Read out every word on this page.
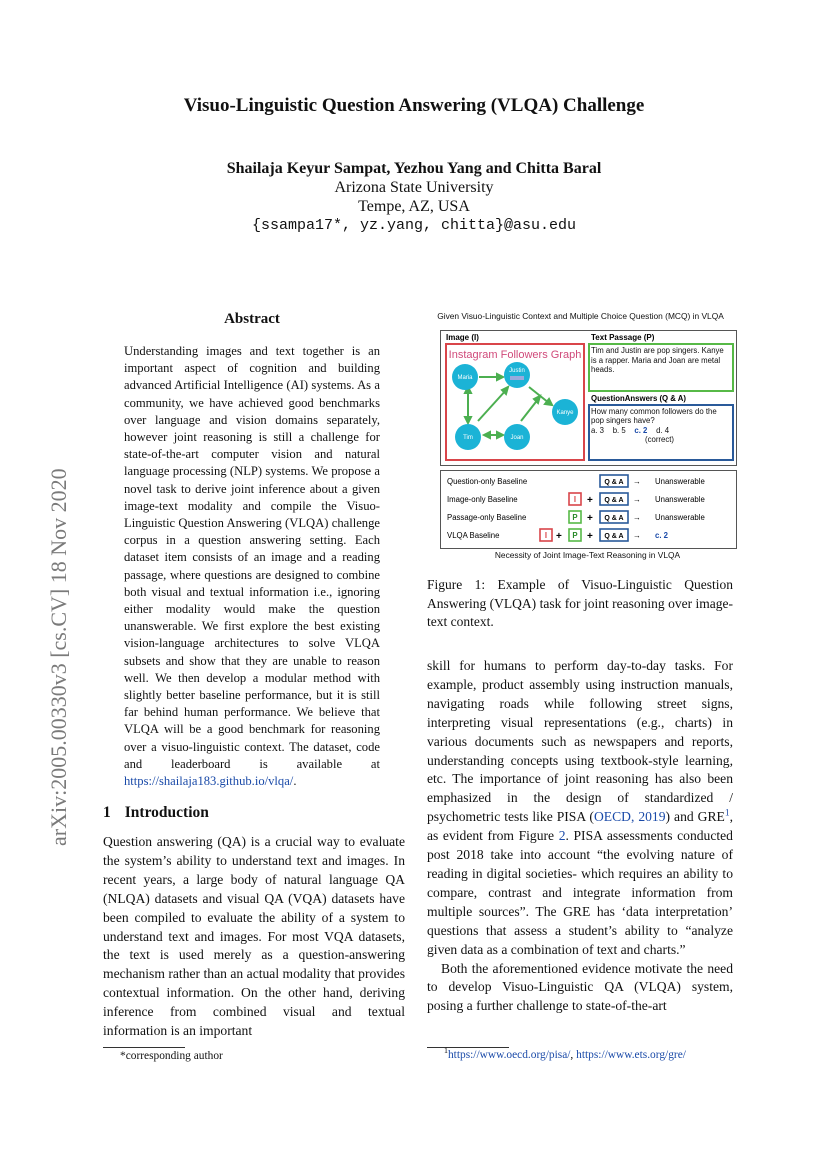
Visuo-Linguistic Question Answering (VLQA) Challenge
Shailaja Keyur Sampat, Yezhou Yang and Chitta Baral
Arizona State University
Tempe, AZ, USA
{ssampa17*, yz.yang, chitta}@asu.edu
arXiv:2005.00330v3 [cs.CV] 18 Nov 2020
Abstract
Understanding images and text together is an important aspect of cognition and building advanced Artificial Intelligence (AI) systems. As a community, we have achieved good benchmarks over language and vision domains separately, however joint reasoning is still a challenge for state-of-the-art computer vision and natural language processing (NLP) systems. We propose a novel task to derive joint inference about a given image-text modality and compile the Visuo-Linguistic Question Answering (VLQA) challenge corpus in a question answering setting. Each dataset item consists of an image and a reading passage, where questions are designed to combine both visual and textual information i.e., ignoring either modality would make the question unanswerable. We first explore the best existing vision-language architectures to solve VLQA subsets and show that they are unable to reason well. We then develop a modular method with slightly better baseline performance, but it is still far behind human performance. We believe that VLQA will be a good benchmark for reasoning over a visuo-linguistic context. The dataset, code and leaderboard is available at https://shailaja183.github.io/vlqa/.
1 Introduction
Question answering (QA) is a crucial way to evaluate the system’s ability to understand text and images. In recent years, a large body of natural language QA (NLQA) datasets and visual QA (VQA) datasets have been compiled to evaluate the ability of a system to understand text and images. For most VQA datasets, the text is used merely as a question-answering mechanism rather than an actual modality that provides contextual information. On the other hand, deriving inference from combined visual and textual information is an important
*corresponding author
Given Visuo-Linguistic Context and Multiple Choice Question (MCQ) in VLQA
Image (I)	Text Passage (P)
Instagram Followers Graph
Maria
Justin
Kanye
Tim	Joan
Tim and Justin are pop singers. Kanye is a rapper. Maria and Joan are metal heads.
QuestionAnswers (Q & A)
How many common followers do the pop singers have?
a. 3 b. 5 c. 2 d. 4
(correct)
Question-only Baseline	Q & A → Unanswerable
Image-only Baseline	I + Q & A → Unanswerable
Passage-only Baseline	P + Q & A → Unanswerable
VLQA Baseline	I + P + Q & A → c. 2
Necessity of Joint Image-Text Reasoning in VLQA
Figure 1: Example of Visuo-Linguistic Question Answering (VLQA) task for joint reasoning over image-text context.

skill for humans to perform day-to-day tasks. For example, product assembly using instruction manuals, navigating roads while following street signs, interpreting visual representations (e.g., charts) in various documents such as newspapers and reports, understanding concepts using textbook-style learning, etc. The importance of joint reasoning has also been emphasized in the design of standardized / psychometric tests like PISA (OECD, 2019) and GRE$^1$, as evident from Figure 2. PISA assessments conducted post 2018 take into account “the evolving nature of reading in digital societies- which requires an ability to compare, contrast and integrate information from multiple sources”. The GRE has ‘data interpretation’ questions that assess a student’s ability to “analyze given data as a combination of text and charts.”

Both the aforementioned evidence motivate the need to develop Visuo-Linguistic QA (VLQA) system, posing a further challenge to state-of-the-art

$^1$https://www.oecd.org/pisa/, https://www.ets.org/gre/
